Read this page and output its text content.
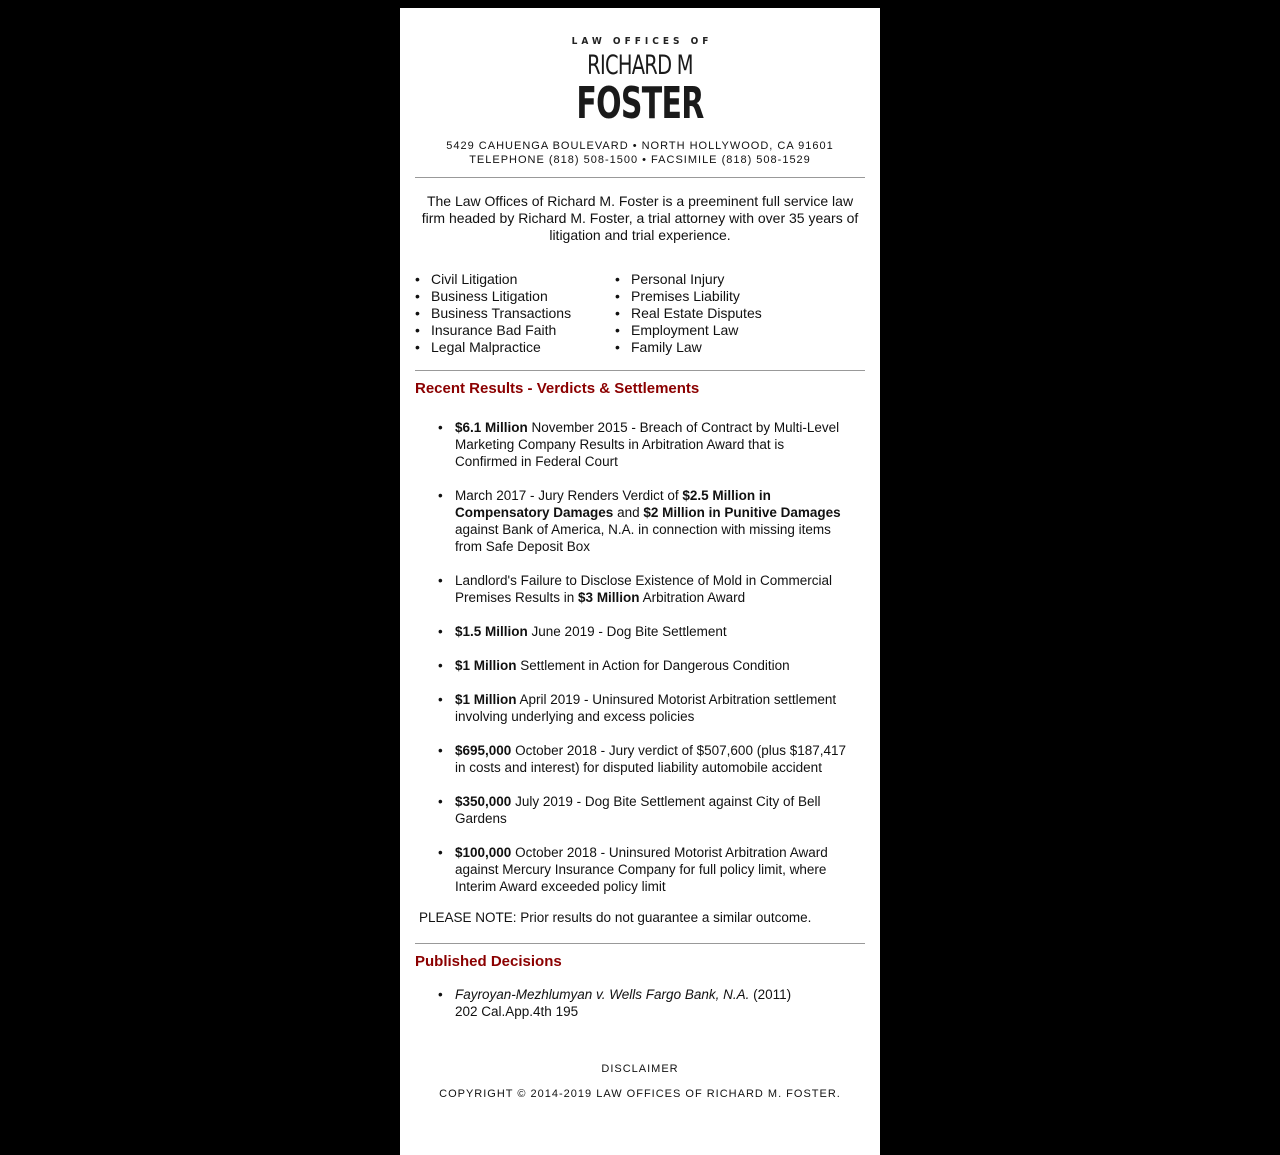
LAW OFFICES OF
RICHARD M
FOSTER
5429 CAHUENGA BOULEVARD • NORTH HOLLYWOOD, CA 91601
TELEPHONE (818) 508-1500 • FACSIMILE (818) 508-1529
The Law Offices of Richard M. Foster is a preeminent full service law firm headed by Richard M. Foster, a trial attorney with over 35 years of litigation and trial experience.
• Civil Litigation
• Business Litigation
• Business Transactions
• Insurance Bad Faith
• Legal Malpractice
• Personal Injury
• Premises Liability
• Real Estate Disputes
• Employment Law
• Family Law
Recent Results - Verdicts & Settlements
• $6.1 Million November 2015 - Breach of Contract by Multi-Level Marketing Company Results in Arbitration Award that is Confirmed in Federal Court
• March 2017 - Jury Renders Verdict of $2.5 Million in Compensatory Damages and $2 Million in Punitive Damages against Bank of America, N.A. in connection with missing items from Safe Deposit Box
• Landlord's Failure to Disclose Existence of Mold in Commercial Premises Results in $3 Million Arbitration Award
• $1.5 Million June 2019 - Dog Bite Settlement
• $1 Million Settlement in Action for Dangerous Condition
• $1 Million April 2019 - Uninsured Motorist Arbitration settlement involving underlying and excess policies
• $695,000 October 2018 - Jury verdict of $507,600 (plus $187,417 in costs and interest) for disputed liability automobile accident
• $350,000 July 2019 - Dog Bite Settlement against City of Bell Gardens
• $100,000 October 2018 - Uninsured Motorist Arbitration Award against Mercury Insurance Company for full policy limit, where Interim Award exceeded policy limit
PLEASE NOTE: Prior results do not guarantee a similar outcome.
Published Decisions
• Fayroyan-Mezhlumyan v. Wells Fargo Bank, N.A. (2011) 202 Cal.App.4th 195
DISCLAIMER
COPYRIGHT © 2014-2019 LAW OFFICES OF RICHARD M. FOSTER.
